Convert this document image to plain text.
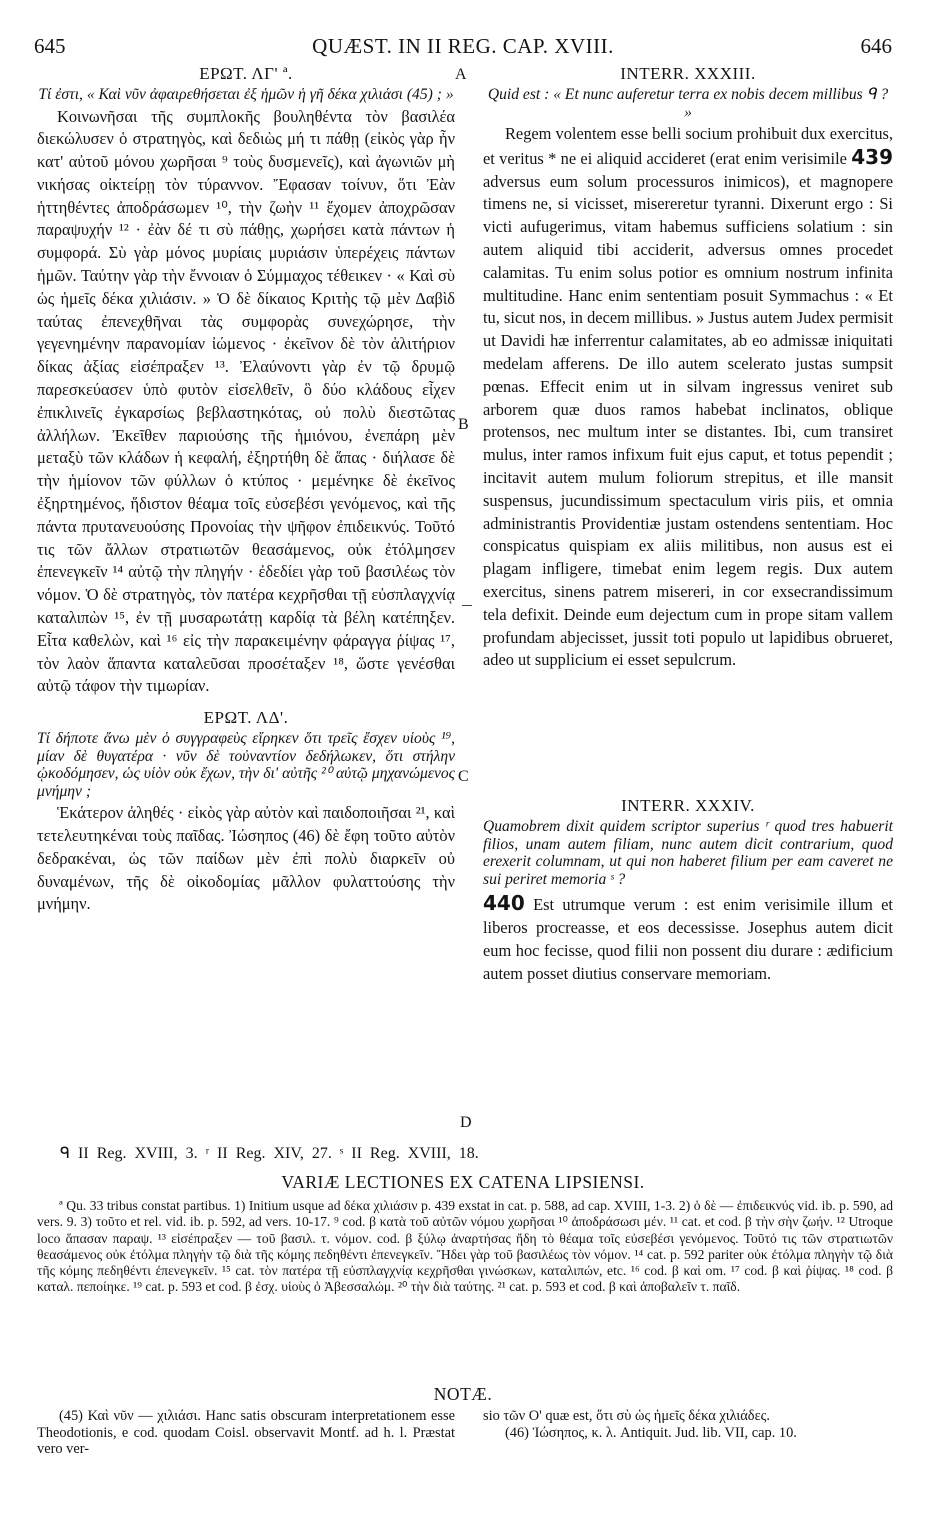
645	QUÆST. IN II REG. CAP. XVIII.	646
A
B
C
D
ΕΡΩΤ. ΛΓ' ª.

Τί ἐστι, « Καὶ νῦν ἀφαιρεθήσεται ἐξ ἡμῶν ἡ γῆ δέκα χιλιάσι (45) ; »

Κοινωνῆσαι τῆς συμπλοκῆς βουληθέντα τὸν βασιλέα διεκώλυσεν ὁ στρατηγὸς, καὶ δεδιὼς μή τι πάθῃ (εἰκὸς γὰρ ἦν κατ' αὐτοῦ μόνου χωρῆσαι ⁹ τοὺς δυσμενεῖς), καὶ ἀγωνιῶν μὴ νικήσας οἰκτείρῃ τὸν τύραννον. Ἔφασαν τοίνυν, ὅτι Ἐὰν ἡττηθέντες ἀποδράσωμεν ¹⁰, τὴν ζωὴν ¹¹ ἔχομεν ἀποχρῶσαν παραψυχήν ¹² · ἐὰν δέ τι σὺ πάθῃς, χωρήσει κατὰ πάντων ἡ συμφορά. Σὺ γὰρ μόνος μυρίαις μυριάσιν ὑπερέχεις πάντων ἡμῶν. Ταύτην γὰρ τὴν ἔννοιαν ὁ Σύμμαχος τέθεικεν · « Καὶ σὺ ὡς ἡμεῖς δέκα χιλιάσιν. » Ὁ δὲ δίκαιος Κριτὴς τῷ μὲν Δαβὶδ ταύτας ἐπενεχθῆναι τὰς συμφορὰς συνεχώρησε, τὴν γεγενημένην παρανομίαν ἰώμενος · ἐκεῖνον δὲ τὸν ἀλιτήριον δίκας ἀξίας εἰσέπραξεν ¹³. Ἐλαύνοντι γὰρ ἐν τῷ δρυμῷ παρεσκεύασεν ὑπὸ φυτὸν εἰσελθεῖν, ὃ δύο κλάδους εἶχεν ἐπικλινεῖς ἐγκαρσίως βεβλαστηκότας, οὐ πολὺ διεστῶτας ἀλλήλων. Ἐκεῖθεν παριούσης τῆς ἡμιόνου, ἐνεπάρη μὲν μεταξὺ τῶν κλάδων ἡ κεφαλή, ἐξηρτήθη δὲ ἅπας · διήλασε δὲ τὴν ἡμίονον τῶν φύλλων ὁ κτύπος · μεμένηκε δὲ ἐκεῖνος ἐξηρτημένος, ἥδιστον θέαμα τοῖς εὐσεβέσι γενόμενος, καὶ τῆς πάντα πρυτανευούσης Προνοίας τὴν ψῆφον ἐπιδεικνύς. Τοῦτό τις τῶν ἄλλων στρατιωτῶν θεασάμενος, οὐκ ἐτόλμησεν ἐπενεγκεῖν ¹⁴ αὐτῷ τὴν πληγήν · ἐδεδίει γὰρ τοῦ βασιλέως τὸν νόμον. Ὁ δὲ στρατηγὸς, τὸν πατέρα κεχρῆσθαι τῇ εὐσπλαγχνίᾳ καταλιπὼν ¹⁵, ἐν τῇ μυσαρωτάτῃ καρδίᾳ τὰ βέλη κατέπηξεν. Εἶτα καθελὼν, καὶ ¹⁶ εἰς τὴν παρακειμένην φάραγγα ῥίψας ¹⁷, τὸν λαὸν ἅπαντα καταλεῦσαι προσέταξεν ¹⁸, ὥστε γενέσθαι αὐτῷ τάφον τὴν τιμωρίαν.

ΕΡΩΤ. ΛΔ'.

Τί δήποτε ἄνω μὲν ὁ συγγραφεὺς εἴρηκεν ὅτι τρεῖς ἔσχεν υἱοὺς ¹⁹, μίαν δὲ θυγατέρα · νῦν δὲ τοὐναντίον δεδήλωκεν, ὅτι στήλην ᾠκοδόμησεν, ὡς υἱὸν οὐκ ἔχων, τὴν δι' αὐτῆς ²⁰ αὐτῷ μηχανώμενος μνήμην ;

Ἑκάτερον ἀληθές · εἰκὸς γὰρ αὐτὸν καὶ παιδοποιῆσαι ²¹, καὶ τετελευτηκέναι τοὺς παῖδας. Ἰώσηπος (46) δὲ ἔφη τοῦτο αὐτὸν δεδρακέναι, ὡς τῶν παίδων μὲν ἐπὶ πολὺ διαρκεῖν οὐ δυναμένων, τῆς δὲ οἰκοδομίας μᾶλλον φυλαττούσης τὴν μνήμην.

INTERR. XXXIII.

Quid est : « Et nunc auferetur terra ex nobis decem millibus ᑫ ? »

Regem volentem esse belli socium prohibuit dux exercitus, et veritus * ne ei aliquid accideret (erat enim verisimile 439 adversus eum solum processuros inimicos), et magnopere timens ne, si vicisset, misereretur tyranni. Dixerunt ergo : Si victi aufugerimus, vitam habemus sufficiens solatium : sin autem aliquid tibi acciderit, adversus omnes procedet calamitas. Tu enim solus potior es omnium nostrum infinita multitudine. Hanc enim sententiam posuit Symmachus : « Et tu, sicut nos, in decem millibus. » Justus autem Judex permisit ut Davidi hæ inferrentur calamitates, ab eo admissæ iniquitati medelam afferens. De illo autem scelerato justas sumpsit pœnas. Effecit enim ut in silvam ingressus veniret sub arborem quæ duos ramos habebat inclinatos, oblique protensos, nec multum inter se distantes. Ibi, cum transiret mulus, inter ramos infixum fuit ejus caput, et totus pependit ; incitavit autem mulum foliorum strepitus, et ille mansit suspensus, jucundissimum spectaculum viris piis, et omnia administrantis Providentiæ justam ostendens sententiam. Hoc conspicatus quispiam ex aliis militibus, non ausus est ei plagam infligere, timebat enim legem regis. Dux autem exercitus, sinens patrem misereri, in cor exsecrandissimum tela defixit. Deinde eum dejectum cum in prope sitam vallem profundam abjecisset, jussit toti populo ut lapidibus obrueret, adeo ut supplicium ei esset sepulcrum.

INTERR. XXXIV.

Quamobrem dixit quidem scriptor superius ʳ quod tres habuerit filios, unam autem filiam, nunc autem dicit contrarium, quod erexerit columnam, ut qui non haberet filium per eam caveret ne sui periret memoria ˢ ?

440 Est utrumque verum : est enim verisimile illum et liberos procreasse, et eos decessisse. Josephus autem dicit eum hoc fecisse, quod filii non possent diu durare : ædificium autem posset diutius conservare memoriam.

ᑫ II Reg. XVIII, 3. ʳ II Reg. XIV, 27. ˢ II Reg. XVIII, 18.
VARIÆ LECTIONES EX CATENA LIPSIENSI.

ª Qu. 33 tribus constat partibus. 1) Initium usque ad δέκα χιλιάσιν p. 439 exstat in cat. p. 588, ad cap. XVIII, 1-3. 2) ὁ δὲ — ἐπιδεικνύς vid. ib. p. 590, ad vers. 9. 3) τοῦτο et rel. vid. ib. p. 592, ad vers. 10-17. ⁹ cod. β κατὰ τοῦ αὐτῶν νόμου χωρῆσαι ¹⁰ ἀποδράσωσι μέν. ¹¹ cat. et cod. β τὴν σὴν ζωήν. ¹² Utroque loco ἅπασαν παραψ. ¹³ εἰσέπραξεν — τοῦ βασιλ. τ. νόμον. cod. β ξύλῳ ἀναρτήσας ἤδη τὸ θέαμα τοῖς εὐσεβέσι γενόμενος. Τοῦτό τις τῶν στρατιωτῶν θεασάμενος οὐκ ἐτόλμα πληγὴν τῷ διὰ τῆς κόμης πεδηθέντι ἐπενεγκεῖν. Ἤδει γὰρ τοῦ βασιλέως τὸν νόμον. ¹⁴ cat. p. 592 pariter οὐκ ἐτόλμα πληγὴν τῷ διὰ τῆς κόμης πεδηθέντι ἐπενεγκεῖν. ¹⁵ cat. τὸν πατέρα τῇ εὐσπλαγχνίᾳ κεχρῆσθαι γινώσκων, καταλιπών, etc. ¹⁶ cod. β καὶ om. ¹⁷ cod. β καὶ ῥίψας. ¹⁸ cod. β καταλ. πεποίηκε. ¹⁹ cat. p. 593 et cod. β ἐσχ. υἱοὺς ὁ Ἀβεσσαλώμ. ²⁰ τὴν διὰ ταύτης. ²¹ cat. p. 593 et cod. β καὶ ἀποβαλεῖν τ. παῖδ.

NOTÆ.

(45) Καὶ νῦν — χιλιάσι. Hanc satis obscuram interpretationem esse Theodotionis, e cod. quodam Coisl. observavit Montf. ad h. l. Præstat vero ver-

sio τῶν Ο' quæ est, ὅτι σὺ ὡς ἡμεῖς δέκα χιλιάδες.

(46) Ἰώσηπος, κ. λ. Antiquit. Jud. lib. VII, cap. 10.
